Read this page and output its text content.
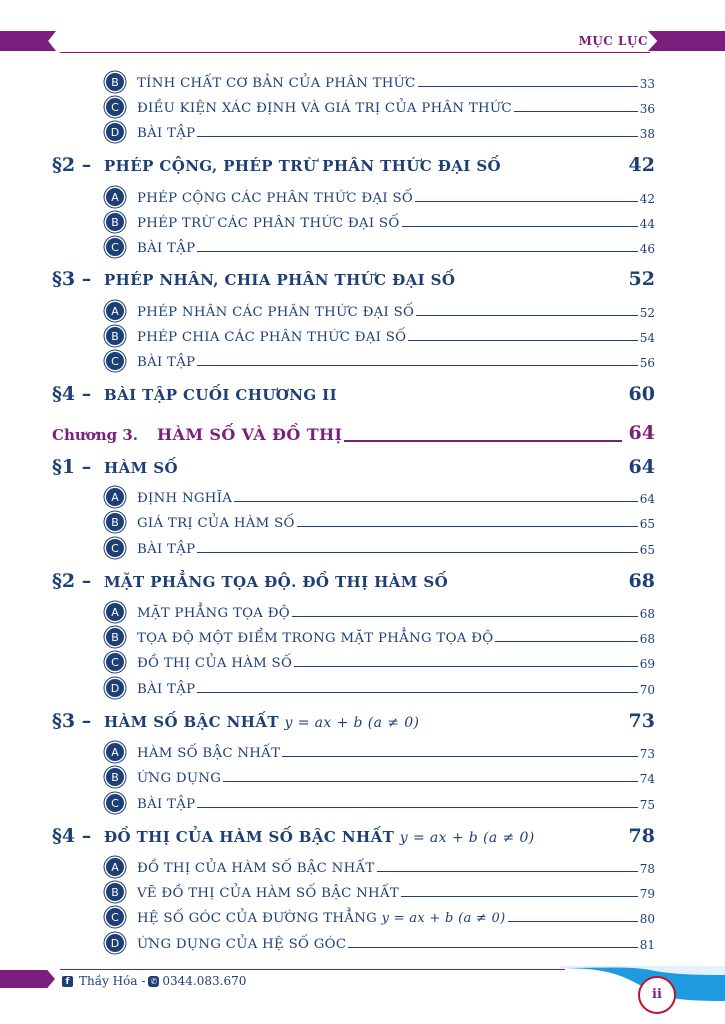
MỤC LỤC
B	TÍNH CHẤT CƠ BẢN CỦA PHÂN THỨC	33
C	ĐIỀU KIỆN XÁC ĐỊNH VÀ GIÁ TRỊ CỦA PHÂN THỨC	36
D	BÀI TẬP	38
§2 – PHÉP CỘNG, PHÉP TRỪ PHÂN THỨC ĐẠI SỐ	42
A	PHÉP CỘNG CÁC PHÂN THỨC ĐẠI SỐ	42
B	PHÉP TRỪ CÁC PHÂN THỨC ĐẠI SỐ	44
C	BÀI TẬP	46
§3 – PHÉP NHÂN, CHIA PHÂN THỨC ĐẠI SỐ	52
A	PHÉP NHÂN CÁC PHÂN THỨC ĐẠI SỐ	52
B	PHÉP CHIA CÁC PHÂN THỨC ĐẠI SỐ	54
C	BÀI TẬP	56
§4 – BÀI TẬP CUỐI CHƯƠNG II	60
Chương 3. HÀM SỐ VÀ ĐỒ THỊ	64
§1 – HÀM SỐ	64
A	ĐỊNH NGHĨA	64
B	GIÁ TRỊ CỦA HÀM SỐ	65
C	BÀI TẬP	65
§2 – MẶT PHẲNG TỌA ĐỘ. ĐỒ THỊ HÀM SỐ	68
A	MẶT PHẲNG TỌA ĐỘ	68
B	TỌA ĐỘ MỘT ĐIỂM TRONG MẶT PHẲNG TỌA ĐỘ	68
C	ĐỒ THỊ CỦA HÀM SỐ	69
D	BÀI TẬP	70
§3 – HÀM SỐ BẬC NHẤT y = ax + b (a ≠ 0)	73
A	HÀM SỐ BẬC NHẤT	73
B	ỨNG DỤNG	74
C	BÀI TẬP	75
§4 – ĐỒ THỊ CỦA HÀM SỐ BẬC NHẤT y = ax + b (a ≠ 0)	78
A	ĐỒ THỊ CỦA HÀM SỐ BẬC NHẤT	78
B	VẼ ĐỒ THỊ CỦA HÀM SỐ BẬC NHẤT	79
C	HỆ SỐ GÓC CỦA ĐƯỜNG THẲNG y = ax + b (a ≠ 0)	80
D	ỨNG DỤNG CỦA HỆ SỐ GÓC	81
f Thầy Hóa - ✆ 0344.083.670
ii
